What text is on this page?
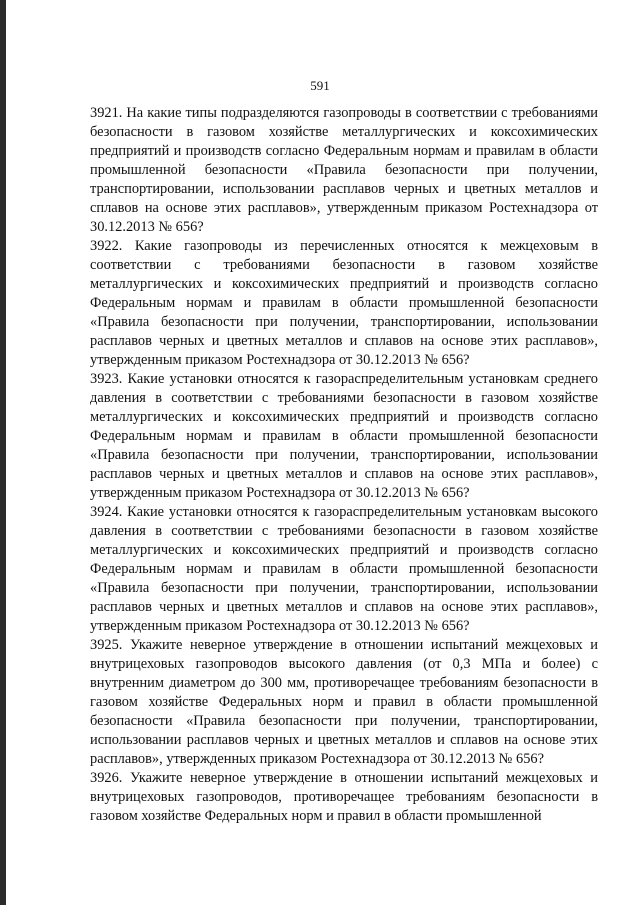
591

3921. На какие типы подразделяются газопроводы в соответствии с требованиями безопасности в газовом хозяйстве металлургических и коксохимических предприятий и производств согласно Федеральным нормам и правилам в области промышленной безопасности «Правила безопасности при получении, транспортировании, использовании расплавов черных и цветных металлов и сплавов на основе этих расплавов», утвержденным приказом Ростехнадзора от 30.12.2013 № 656?

3922. Какие газопроводы из перечисленных относятся к межцеховым в соответствии с требованиями безопасности в газовом хозяйстве металлургических и коксохимических предприятий и производств согласно Федеральным нормам и правилам в области промышленной безопасности «Правила безопасности при получении, транспортировании, использовании расплавов черных и цветных металлов и сплавов на основе этих расплавов», утвержденным приказом Ростехнадзора от 30.12.2013 № 656?

3923. Какие установки относятся к газораспределительным установкам среднего давления в соответствии с требованиями безопасности в газовом хозяйстве металлургических и коксохимических предприятий и производств согласно Федеральным нормам и правилам в области промышленной безопасности «Правила безопасности при получении, транспортировании, использовании расплавов черных и цветных металлов и сплавов на основе этих расплавов», утвержденным приказом Ростехнадзора от 30.12.2013 № 656?

3924. Какие установки относятся к газораспределительным установкам высокого давления в соответствии с требованиями безопасности в газовом хозяйстве металлургических и коксохимических предприятий и производств согласно Федеральным нормам и правилам в области промышленной безопасности «Правила безопасности при получении, транспортировании, использовании расплавов черных и цветных металлов и сплавов на основе этих расплавов», утвержденным приказом Ростехнадзора от 30.12.2013 № 656?

3925. Укажите неверное утверждение в отношении испытаний межцеховых и внутрицеховых газопроводов высокого давления (от 0,3 МПа и более) с внутренним диаметром до 300 мм, противоречащее требованиям безопасности в газовом хозяйстве Федеральных норм и правил в области промышленной безопасности «Правила безопасности при получении, транспортировании, использовании расплавов черных и цветных металлов и сплавов на основе этих расплавов», утвержденных приказом Ростехнадзора от 30.12.2013 № 656?

3926. Укажите неверное утверждение в отношении испытаний межцеховых и внутрицеховых газопроводов, противоречащее требованиям безопасности в газовом хозяйстве Федеральных норм и правил в области промышленной
